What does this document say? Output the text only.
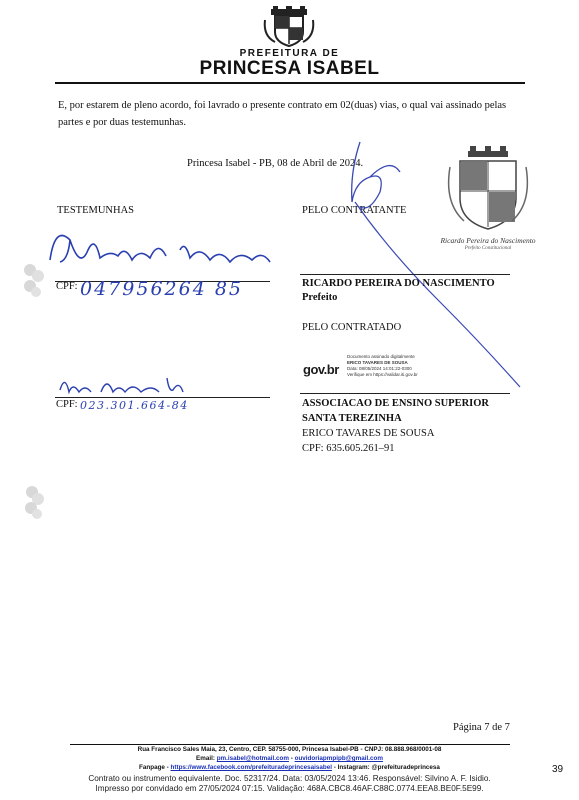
PREFEITURA DE
PRINCESA ISABEL
E, por estarem de pleno acordo, foi lavrado o presente contrato em 02(duas) vias, o qual vai assinado pelas partes e por duas testemunhas.
Princesa Isabel - PB, 08 de Abril de 2024.
TESTEMUNHAS
CPF: 047956264 85
CPF: 023.301.664-84
PELO CONTRATANTE
Ricardo Pereira do Nascimento
Prefeito Constitucional
RICARDO PEREIRA DO NASCIMENTO
Prefeito
PELO CONTRATADO
gov.br
Documento assinado digitalmente
ERICO TAVARES DE SOUSA
Data: 08/05/2024 14:01:22-0300
Verifique em https://validar.iti.gov.br
ASSOCIACAO DE ENSINO SUPERIOR
SANTA TEREZINHA
ERICO TAVARES DE SOUSA
CPF: 635.605.261–91
Página 7 de 7
39
Rua Francisco Sales Maia, 23, Centro, CEP. 58755-000, Princesa Isabel-PB - CNPJ: 08.888.968/0001-08
Email: pm.isabel@hotmail.com - ouvidoriapmpipb@gmail.com
Fanpage - https://www.facebook.com/prefeituradeprincesaisabel - Instagram: @prefeituradeprincesa
Contrato ou instrumento equivalente. Doc. 52317/24. Data: 03/05/2024 13:46. Responsável: Silvino A. F. Isidio.
Impresso por convidado em 27/05/2024 07:15. Validação: 468A.CBC8.46AF.C88C.0774.EEA8.BE0F.5E99.
